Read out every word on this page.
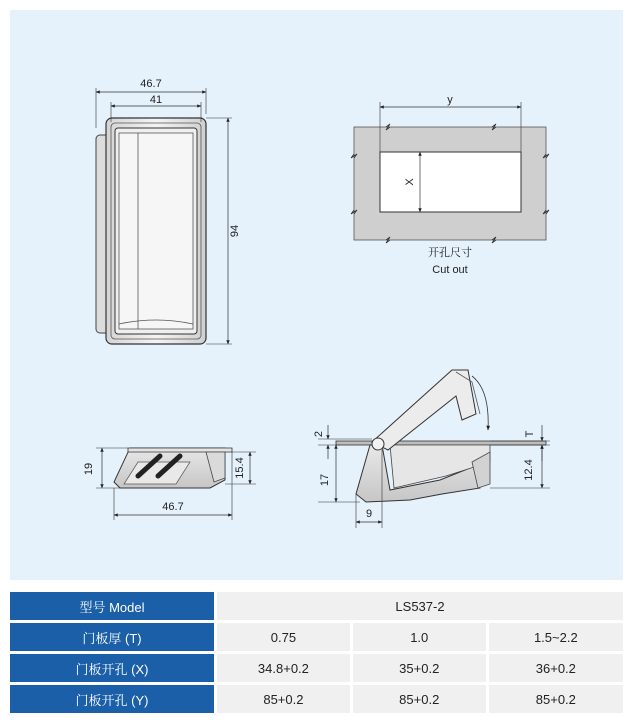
46.7
41
94
y
X
开孔尺寸
Cut out
19	15.4
46.7
2
17
9
T
12.4
型号 Model	LS537-2		
门板厚 (T)	0.75	1.0	1.5~2.2
门板开孔 (X)	34.8+0.2	35+0.2	36+0.2
门板开孔 (Y)	85+0.2	85+0.2	85+0.2
